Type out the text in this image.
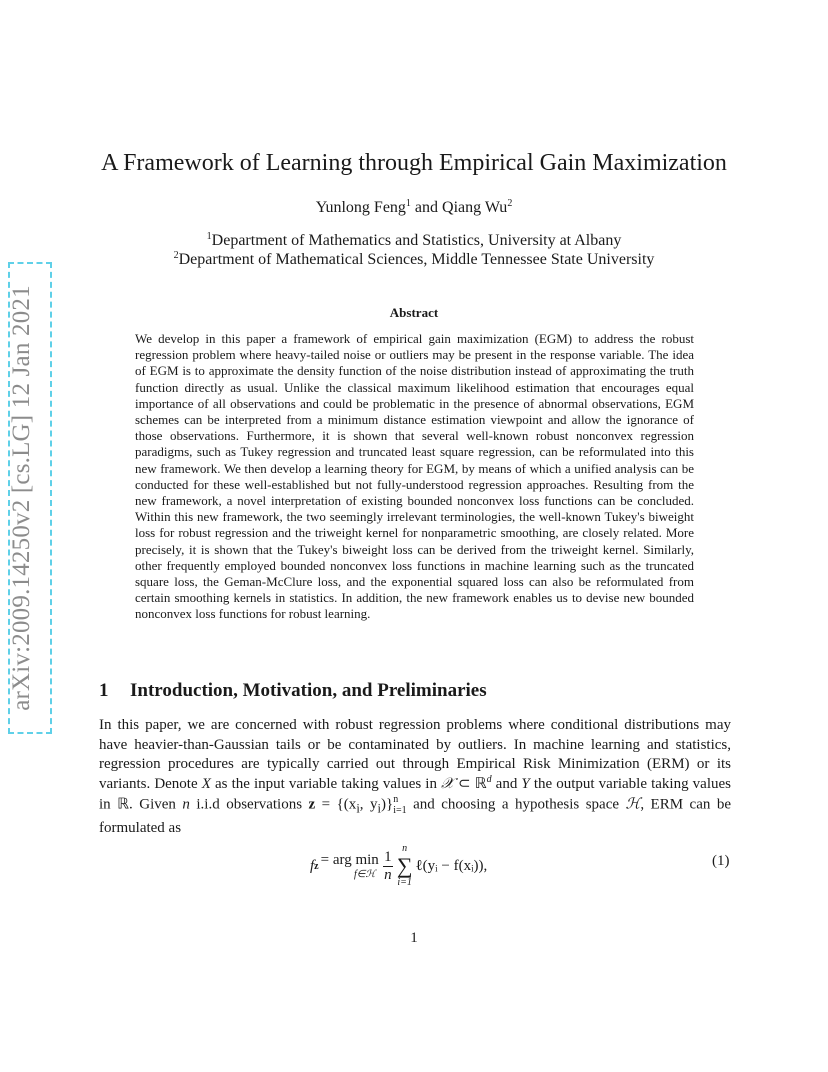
arXiv:2009.14250v2 [cs.LG] 12 Jan 2021
A Framework of Learning through Empirical Gain Maximization
Yunlong Feng$^1$ and Qiang Wu$^2$
$^1$Department of Mathematics and Statistics, University at Albany
$^2$Department of Mathematical Sciences, Middle Tennessee State University
Abstract
We develop in this paper a framework of empirical gain maximization (EGM) to address the robust regression problem where heavy-tailed noise or outliers may be present in the response variable. The idea of EGM is to approximate the density function of the noise distribution instead of approximating the truth function directly as usual. Unlike the classical maximum likelihood estimation that encourages equal importance of all observations and could be problematic in the presence of abnormal observations, EGM schemes can be interpreted from a minimum distance estimation viewpoint and allow the ignorance of those observations. Furthermore, it is shown that several well-known robust nonconvex regression paradigms, such as Tukey regression and truncated least square regression, can be reformulated into this new framework. We then develop a learning theory for EGM, by means of which a unified analysis can be conducted for these well-established but not fully-understood regression approaches. Resulting from the new framework, a novel interpretation of existing bounded nonconvex loss functions can be concluded. Within this new framework, the two seemingly irrelevant terminologies, the well-known Tukey's biweight loss for robust regression and the triweight kernel for nonparametric smoothing, are closely related. More precisely, it is shown that the Tukey's biweight loss can be derived from the triweight kernel. Similarly, other frequently employed bounded nonconvex loss functions in machine learning such as the truncated square loss, the Geman-McClure loss, and the exponential squared loss can also be reformulated from certain smoothing kernels in statistics. In addition, the new framework enables us to devise new bounded nonconvex loss functions for robust learning.
1 Introduction, Motivation, and Preliminaries
In this paper, we are concerned with robust regression problems where conditional distributions may have heavier-than-Gaussian tails or be contaminated by outliers. In machine learning and statistics, regression procedures are typically carried out through Empirical Risk Minimization (ERM) or its variants. Denote X as the input variable taking values in 𝒳 ⊂ ℝ$^d$ and Y the output variable taking values in ℝ. Given n i.i.d observations $z = \{(x_i$, $y_i$)} n
i=1 and choosing a hypothesis space ℋ, ERM can be formulated as
f z = arg min
f∈ℋ
1
n
n
∑
i=1
ℓ(yᵢ − f(xᵢ)),	(1)
1
